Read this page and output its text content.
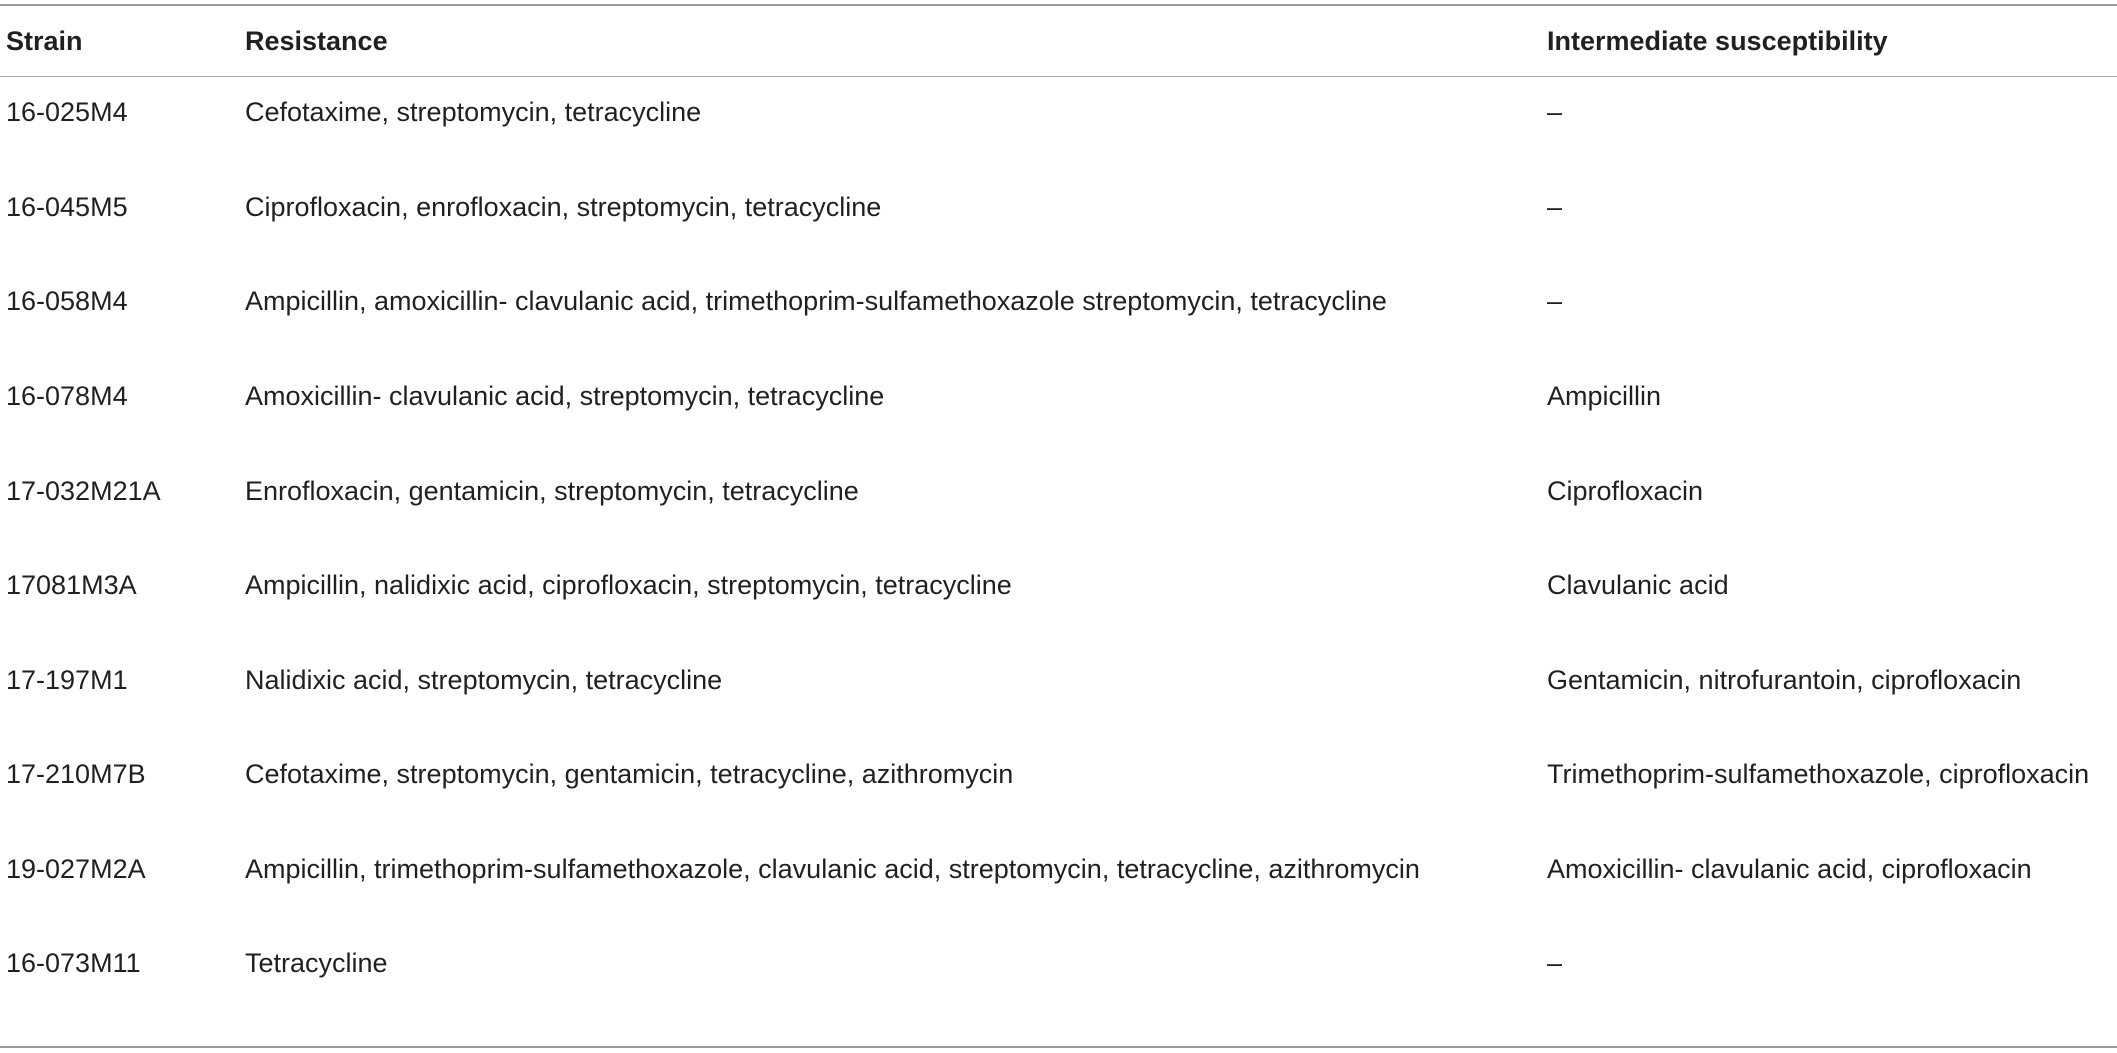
Strain	Resistance	Intermediate susceptibility
16-025M4	Cefotaxime, streptomycin, tetracycline	–
16-045M5	Ciprofloxacin, enrofloxacin, streptomycin, tetracycline	–
16-058M4	Ampicillin, amoxicillin- clavulanic acid, trimethoprim-sulfamethoxazole streptomycin, tetracycline	–
16-078M4	Amoxicillin- clavulanic acid, streptomycin, tetracycline	Ampicillin
17-032M21A	Enrofloxacin, gentamicin, streptomycin, tetracycline	Ciprofloxacin
17081M3A	Ampicillin, nalidixic acid, ciprofloxacin, streptomycin, tetracycline	Clavulanic acid
17-197M1	Nalidixic acid, streptomycin, tetracycline	Gentamicin, nitrofurantoin, ciprofloxacin
17-210M7B	Cefotaxime, streptomycin, gentamicin, tetracycline, azithromycin	Trimethoprim-sulfamethoxazole, ciprofloxacin
19-027M2A	Ampicillin, trimethoprim-sulfamethoxazole, clavulanic acid, streptomycin, tetracycline, azithromycin	Amoxicillin- clavulanic acid, ciprofloxacin
16-073M11	Tetracycline	–
